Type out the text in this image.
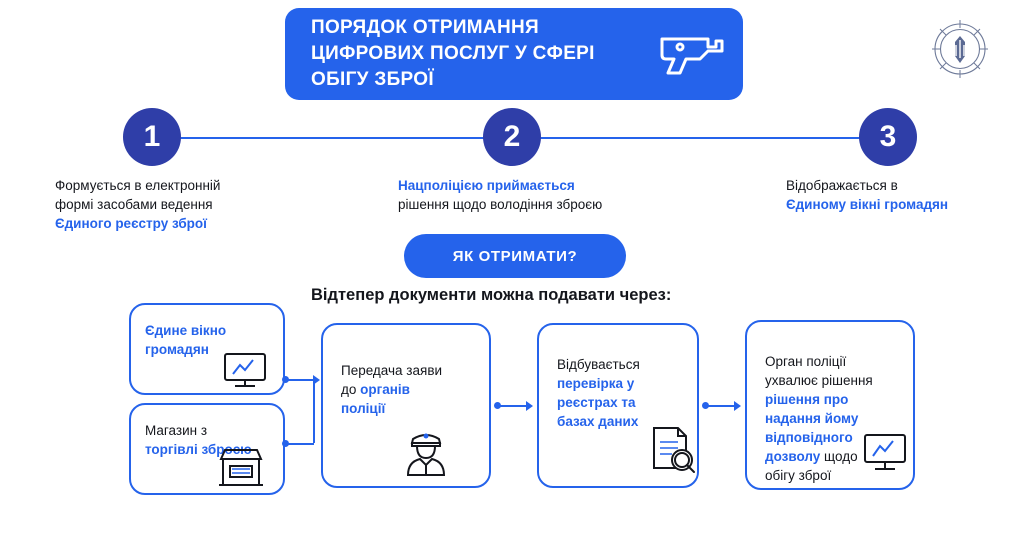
ПОРЯДОК ОТРИМАННЯ
ЦИФРОВИХ ПОСЛУГ У СФЕРІ
ОБІГУ ЗБРОЇ
1	2	3
Формується в електронній
формі засобами ведення
Єдиного реєстру зброї
Нацполіцією приймається
рішення щодо володіння зброєю
Відображається в
Єдиному вікні громадян
ЯК ОТРИМАТИ?
Відтепер документи можна подавати через:
Єдине вікно
громадян
Магазин з
торгівлі зброєю
Передача заяви
до органів
поліції
Відбувається
перевірка у
реєстрах та
базах даних
Орган поліції
ухвалює рішення
рішення про
надання йому
відповідного
дозволу щодо
обігу зброї
